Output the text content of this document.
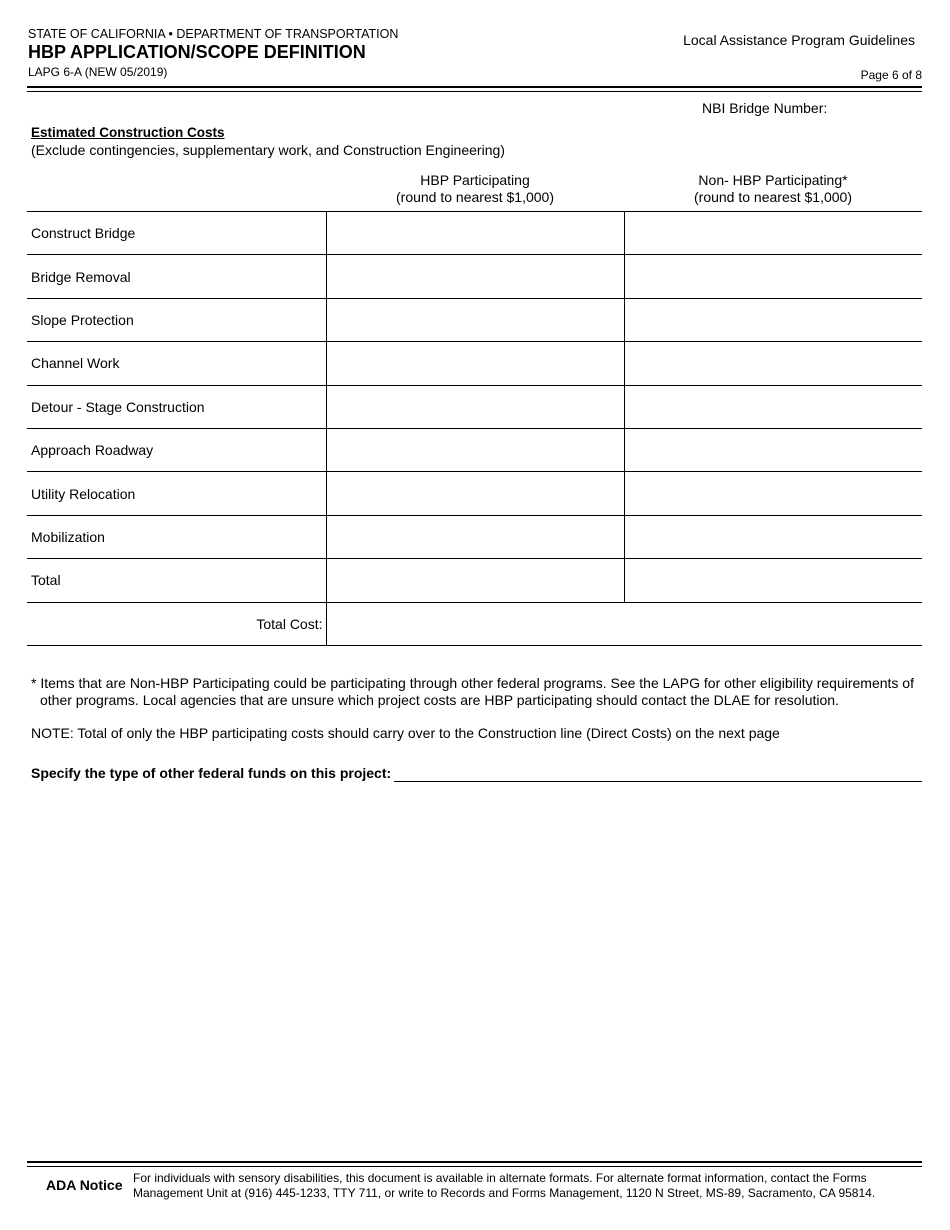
STATE OF CALIFORNIA • DEPARTMENT OF TRANSPORTATION
HBP APPLICATION/SCOPE DEFINITION
LAPG 6-A (NEW 05/2019)
Local Assistance Program Guidelines
Page 6 of 8
NBI Bridge Number:
Estimated Construction Costs
(Exclude contingencies, supplementary work, and Construction Engineering)
HBP Participating
(round to nearest $1,000)
Non- HBP Participating*
(round to nearest $1,000)
Construct Bridge		
Bridge Removal		
Slope Protection		
Channel Work		
Detour - Stage Construction		
Approach Roadway		
Utility Relocation		
Mobilization		
Total		
Total Cost:		
* Items that are Non-HBP Participating could be participating through other federal programs. See the LAPG for other eligibility requirements of other programs. Local agencies that are unsure which project costs are HBP participating should contact the DLAE for resolution.
NOTE: Total of only the HBP participating costs should carry over to the Construction line (Direct Costs) on the next page
Specify the type of other federal funds on this project:
ADA Notice For individuals with sensory disabilities, this document is available in alternate formats. For alternate format information, contact the Forms Management Unit at (916) 445-1233, TTY 711, or write to Records and Forms Management, 1120 N Street, MS-89, Sacramento, CA 95814.
